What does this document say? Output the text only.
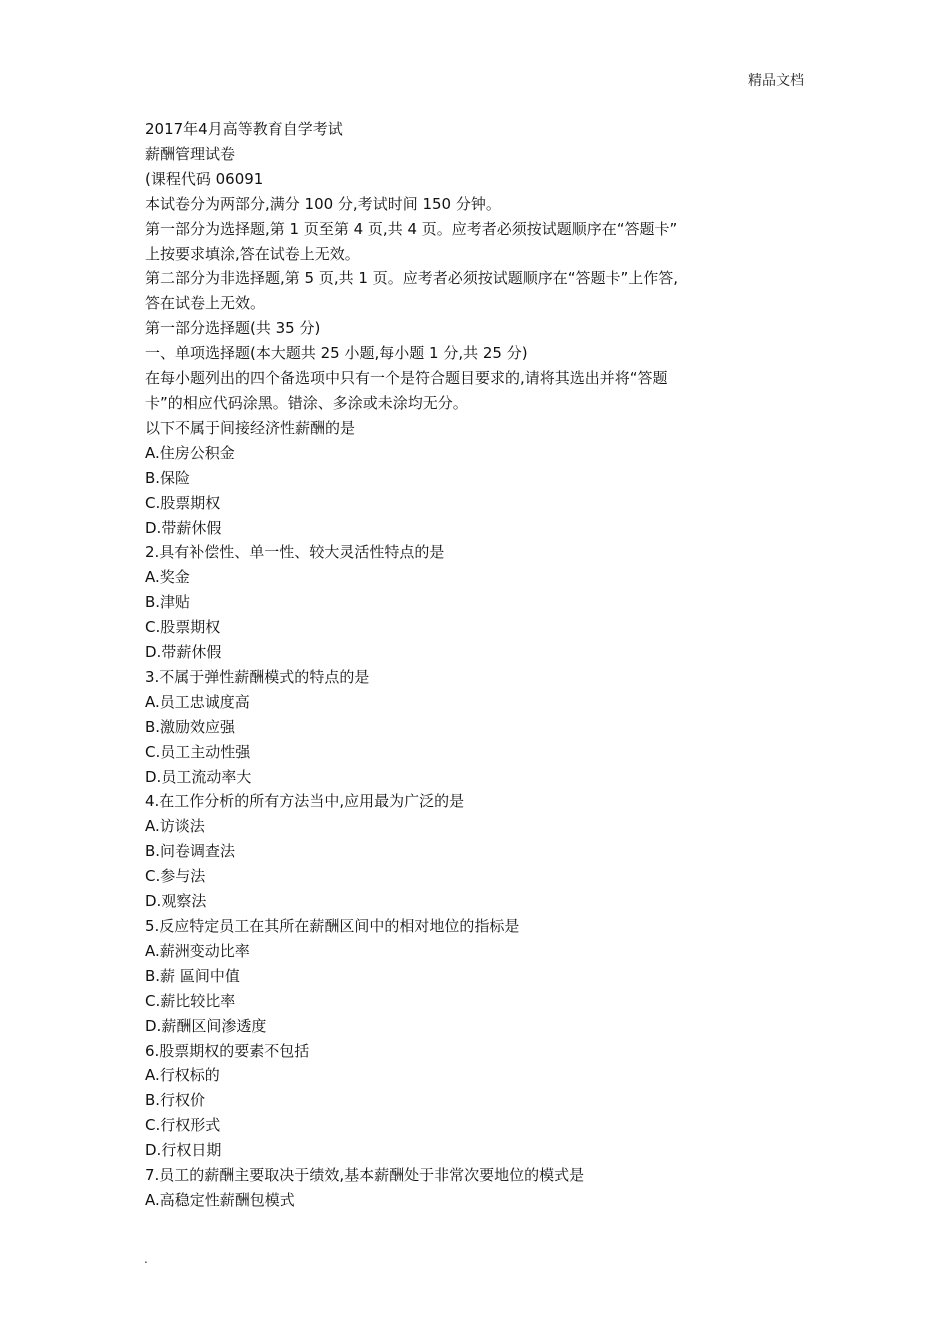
精品文档
2017年4月高等教育自学考试
薪酬管理试卷
(课程代码 06091
本试卷分为两部分,满分 100 分,考试时间 150 分钟。
第一部分为选择题,第 1 页至第 4 页,共 4 页。应考者必须按试题顺序在“答题卡”
上按要求填涂,答在试卷上无效。
第二部分为非选择题,第 5 页,共 1 页。应考者必须按试题顺序在“答题卡”上作答,
答在试卷上无效。
第一部分选择题(共 35 分)
一、单项选择题(本大题共 25 小题,每小题 1 分,共 25 分)
在每小题列出的四个备选项中只有一个是符合题目要求的,请将其选出并将“答题
卡”的相应代码涂黑。错涂、多涂或未涂均无分。
以下不属于间接经济性薪酬的是
A.住房公积金
B.保险
C.股票期权
D.带薪休假
2.具有补偿性、单一性、较大灵活性特点的是
A.奖金
B.津贴
C.股票期权
D.带薪休假
3.不属于弹性薪酬模式的特点的是
A.员工忠诚度高
B.激励效应强
C.员工主动性强
D.员工流动率大
4.在工作分析的所有方法当中,应用最为广泛的是
A.访谈法
B.问卷调查法
C.参与法
D.观察法
5.反应特定员工在其所在薪酬区间中的相对地位的指标是
A.薪洲变动比率
B.薪 區间中值
C.薪比较比率
D.薪酬区间渗透度
6.股票期权的要素不包括
A.行权标的
B.行权价
C.行权形式
D.行权日期
7.员工的薪酬主要取决于绩效,基本薪酬处于非常次要地位的模式是
A.高稳定性薪酬包模式
.
